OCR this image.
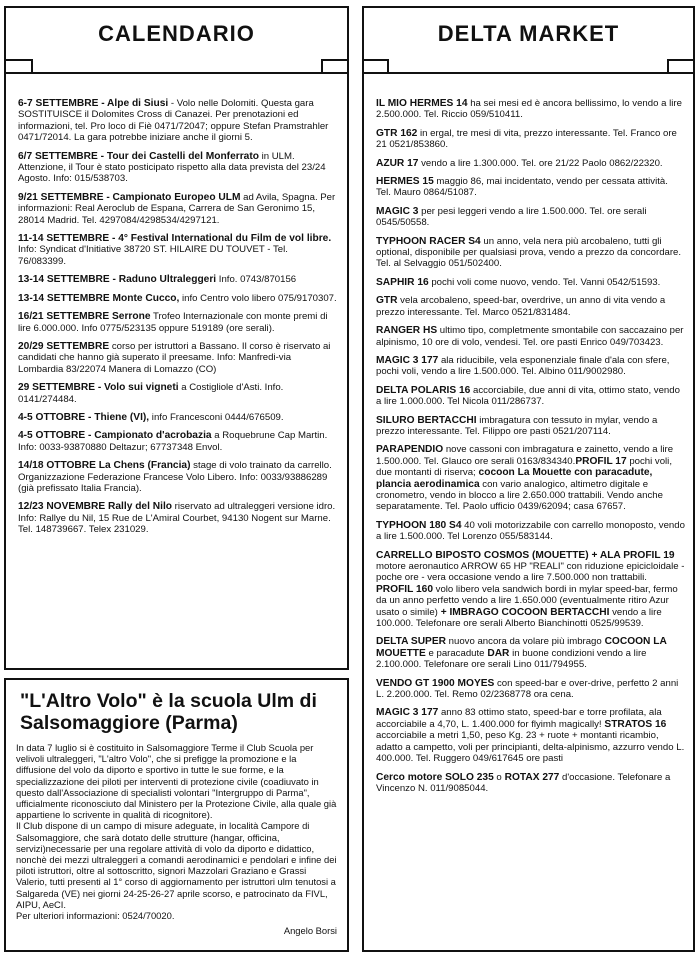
CALENDARIO
6-7 SETTEMBRE - Alpe di Siusi - Volo nelle Dolomiti. Questa gara SOSTITUISCE il Dolomites Cross di Canazei. Per prenotazioni ed informazioni, tel. Pro loco di Fiè 0471/72047; oppure Stefan Pramstrahler 0471/72014. La gara potrebbe iniziare anche il giorni 5.
6/7 SETTEMBRE - Tour dei Castelli del Monferrato in ULM. Attenzione, il Tour è stato posticipato rispetto alla data prevista del 23/24 Agosto. Info: 015/538703.
9/21 SETTEMBRE - Campionato Europeo ULM ad Avila, Spagna. Per informazioni: Real Aeroclub de Espana, Carrera de San Geronimo 15, 28014 Madrid. Tel. 4297084/4298534/4297121.
11-14 SETTEMBRE - 4° Festival International du Film de vol libre. Info: Syndicat d'Initiative 38720 ST. HILAIRE DU TOUVET - Tel. 76/083399.
13-14 SETTEMBRE - Raduno Ultraleggeri Info. 0743/870156
13-14 SETTEMBRE Monte Cucco, info Centro volo libero 075/9170307.
16/21 SETTEMBRE Serrone Trofeo Internazionale con monte premi di lire 6.000.000. Info 0775/523135 oppure 519189 (ore serali).
20/29 SETTEMBRE corso per istruttori a Bassano. Il corso è riservato ai candidati che hanno già superato il preesame. Info: Manfredi-via Lombardia 83/22074 Manera di Lomazzo (CO)
29 SETTEMBRE - Volo sui vigneti a Costigliole d'Asti. Info. 0141/274484.
4-5 OTTOBRE - Thiene (VI), info Francesconi 0444/676509.
4-5 OTTOBRE - Campionato d'acrobazia a Roquebrune Cap Martin. Info: 0033-93870880 Deltazur; 67737348 Envol.
14/18 OTTOBRE La Chens (Francia) stage di volo trainato da carrello. Organizzazione Federazione Francese Volo Libero. Info: 0033/93886289 (già prefissato Italia Francia).
12/23 NOVEMBRE Rally del Nilo riservato ad ultraleggeri versione idro. Info: Rallye du Nil, 15 Rue de L'Amiral Courbet, 94130 Nogent sur Marne. Tel. 148739667. Telex 231029.
"L'Altro Volo" è la scuola Ulm di Salsomaggiore (Parma)

In data 7 luglio si è costituito in Salsomaggiore Terme il Club Scuola per velivoli ultraleggeri, "L'altro Volo", che si prefigge la promozione e la diffusione del volo da diporto e sportivo in tutte le sue forme, e la specializzazione dei piloti per interventi di protezione civile (coadiuvato in questo dall'Associazione di specialisti volontari "Intergruppo di Parma", ufficialmente riconosciuto dal Ministero per la Protezione Civile, alla quale già appartiene lo scrivente in qualità di ricognitore).

Il Club dispone di un campo di misure adeguate, in località Campore di Salsomaggiore, che sarà dotato delle strutture (hangar, officina, servizi)necessarie per una regolare attività di volo da diporto e didattico, nonchè dei mezzi ultraleggeri a comandi aerodinamici e pendolari e infine dei piloti istruttori, oltre al sottoscritto, signori Mazzolari Graziano e Grassi Valerio, tutti presenti al 1° corso di aggiornamento per istruttori ulm tenutosi a Salgareda (VE) nei giorni 24-25-26-27 aprile scorso, e patrocinato da FIVL, AIPU, AeCI.

Per ulteriori informazioni: 0524/70020.

Angelo Borsi
DELTA MARKET
IL MIO HERMES 14 ha sei mesi ed è ancora bellissimo, lo vendo a lire 2.500.000. Tel. Riccio 059/510411.
GTR 162 in ergal, tre mesi di vita, prezzo interessante. Tel. Franco ore 21 0521/853860.
AZUR 17 vendo a lire 1.300.000. Tel. ore 21/22 Paolo 0862/22320.
HERMES 15 maggio 86, mai incidentato, vendo per cessata attività. Tel. Mauro 0864/51087.
MAGIC 3 per pesi leggeri vendo a lire 1.500.000. Tel. ore serali 0545/50558.
TYPHOON RACER S4 un anno, vela nera più arcobaleno, tutti gli optional, disponibile per qualsiasi prova, vendo a prezzo da concordare. Tel. al Selvaggio 051/502400.
SAPHIR 16 pochi voli come nuovo, vendo. Tel. Vanni 0542/51593.
GTR vela arcobaleno, speed-bar, overdrive, un anno di vita vendo a prezzo interessante. Tel. Marco 0521/831484.
RANGER HS ultimo tipo, completmente smontabile con saccazaino per alpinismo, 10 ore di volo, vendesi. Tel. ore pasti Enrico 049/703423.
MAGIC 3 177 ala riducibile, vela esponenziale finale d'ala con sfere, pochi voli, vendo a lire 1.500.000. Tel. Albino 011/9002980.
DELTA POLARIS 16 accorciabile, due anni di vita, ottimo stato, vendo a lire 1.000.000. Tel Nicola 011/286737.
SILURO BERTACCHI imbragatura con tessuto in mylar, vendo a prezzo interessante. Tel. Filippo ore pasti 0521/207114.
PARAPENDIO nove cassoni con imbragatura e zainetto, vendo a lire 1.500.000. Tel. Glauco ore serali 0163/834340.PROFIL 17 pochi voli, due montanti di riserva; cocoon La Mouette con paracadute, plancia aerodinamica con vario analogico, altimetro digitale e cronometro, vendo in blocco a lire 2.650.000 trattabili. Vendo anche separatamente. Tel. Paolo ufficio 0439/62094; casa 67657.
TYPHOON 180 S4 40 voli motorizzabile con carrello monoposto, vendo a lire 1.500.000. Tel Lorenzo 055/583144.
CARRELLO BIPOSTO COSMOS (MOUETTE) + ALA PROFIL 19 motore aeronautico ARROW 65 HP "REALI" con riduzione epicicloidale - poche ore - vera occasione vendo a lire 7.500.000 non trattabili. PROFIL 160 volo libero vela sandwich bordi in mylar speed-bar, fermo da un anno perfetto vendo a lire 1.650.000 (eventualmente ritiro Azur usato o simile) + IMBRAGO COCOON BERTACCHI vendo a lire 100.000. Telefonare ore serali Alberto Bianchinotti 0525/99539.
DELTA SUPER nuovo ancora da volare più imbrago COCOON LA MOUETTE e paracadute DAR in buone condizioni vendo a lire 2.100.000. Telefonare ore serali Lino 011/794955.
VENDO GT 1900 MOYES con speed-bar e over-drive, perfetto 2 anni L. 2.200.000. Tel. Remo 02/2368778 ora cena.
MAGIC 3 177 anno 83 ottimo stato, speed-bar e torre profilata, ala accorciabile a 4,70, L. 1.400.000 for flyimh magically! STRATOS 16 accorciabile a metri 1,50, peso Kg. 23 + ruote + montanti ricambio, adatto a campetto, voli per principianti, delta-alpinismo, azzurro vendo L. 400.000. Tel. Ruggero 049/617645 ore pasti
Cerco motore SOLO 235 o ROTAX 277 d'occasione. Telefonare a Vincenzo N. 011/9085044.
